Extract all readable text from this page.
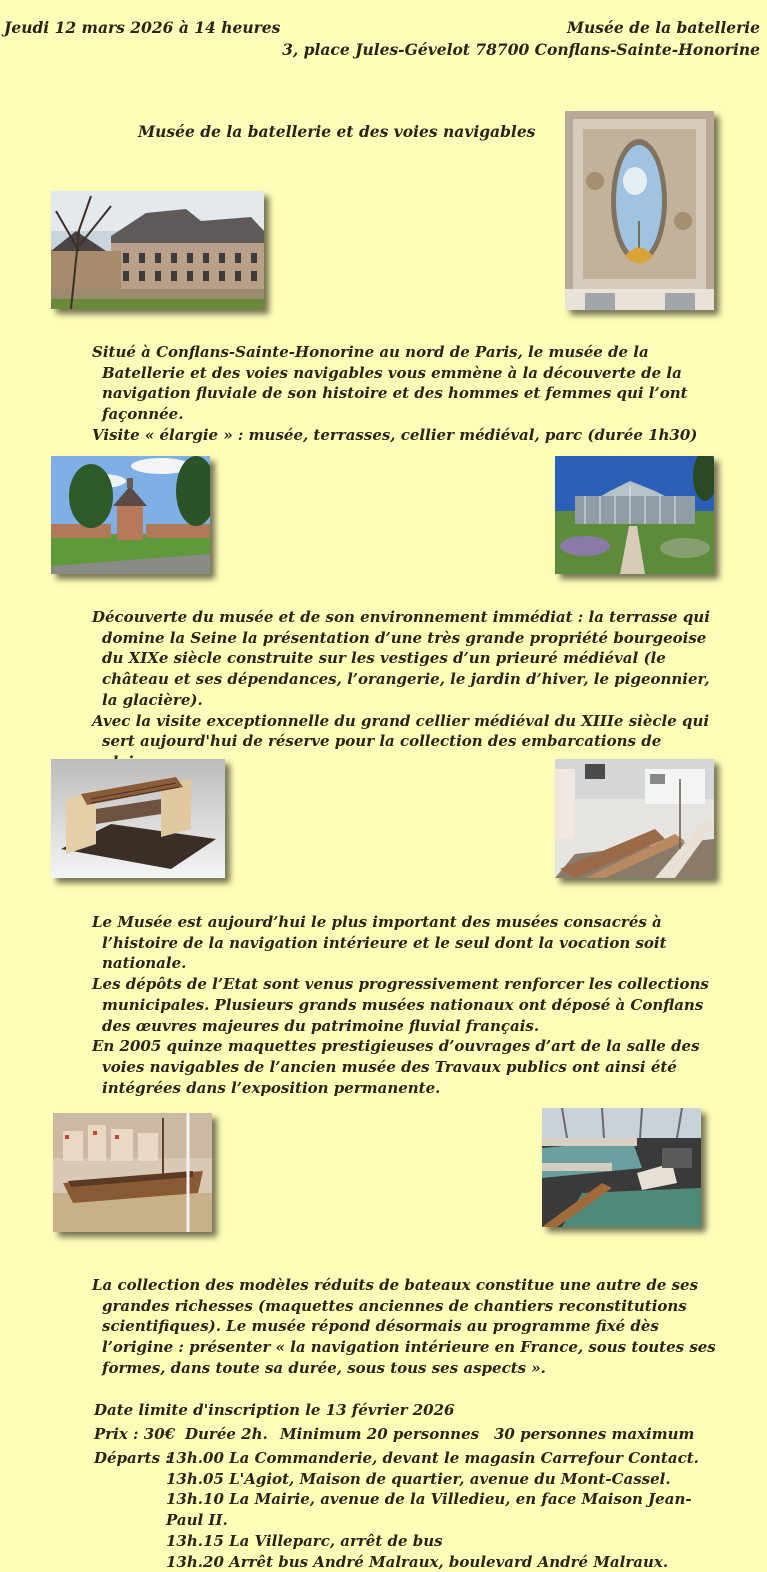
Jeudi 12 mars 2026 à 14 heures	Musée de la batellerie
3, place Jules-Gévelot 78700 Conflans-Sainte-Honorine
Musée de la batellerie et des voies navigables

Situé à Conflans-Sainte-Honorine au nord de Paris, le musée de la Batellerie et des voies navigables vous emmène à la découverte de la navigation fluviale de son histoire et des hommes et femmes qui l’ont façonnée.

Visite « élargie » : musée, terrasses, cellier médiéval, parc (durée 1h30)

Découverte du musée et de son environnement immédiat : la terrasse qui domine la Seine la présentation d’une très grande propriété bourgeoise du XIXe siècle construite sur les vestiges d’un prieuré médiéval (le château et ses dépendances, l’orangerie, le jardin d’hiver, le pigeonnier, la glacière).

Avec la visite exceptionnelle du grand cellier médiéval du XIIIe siècle qui sert aujourd'hui de réserve pour la collection des embarcations de

Le Musée est aujourd’hui le plus important des musées consacrés à l’histoire de la navigation intérieure et le seul dont la vocation soit nationale.

Les dépôts de l’Etat sont venus progressivement renforcer les collections municipales. Plusieurs grands musées nationaux ont déposé à Conflans des œuvres majeures du patrimoine fluvial français.

En 2005 quinze maquettes prestigieuses d’ouvrages d’art de la salle des voies navigables de l’ancien musée des Travaux publics ont ainsi été intégrées dans l’exposition permanente.

La collection des modèles réduits de bateaux constitue une autre de ses grandes richesses (maquettes anciennes de chantiers reconstitutions scientifiques). Le musée répond désormais au programme fixé dès l’origine : présenter « la navigation intérieure en France, sous toutes ses formes, dans toute sa durée, sous tous ses aspects ».

Date limite d'inscription le 13 février 2026
Prix : 30€ Durée 2h. Minimum 20 personnes 30 personnes maximum
Départs :
13h.00 La Commanderie, devant le magasin Carrefour Contact.
13h.05 L'Agiot, Maison de quartier, avenue du Mont-Cassel.
13h.10 La Mairie, avenue de la Villedieu, en face Maison Jean-Paul II.
13h.15 La Villeparc, arrêt de bus
13h.20 Arrêt bus André Malraux, boulevard André Malraux.
